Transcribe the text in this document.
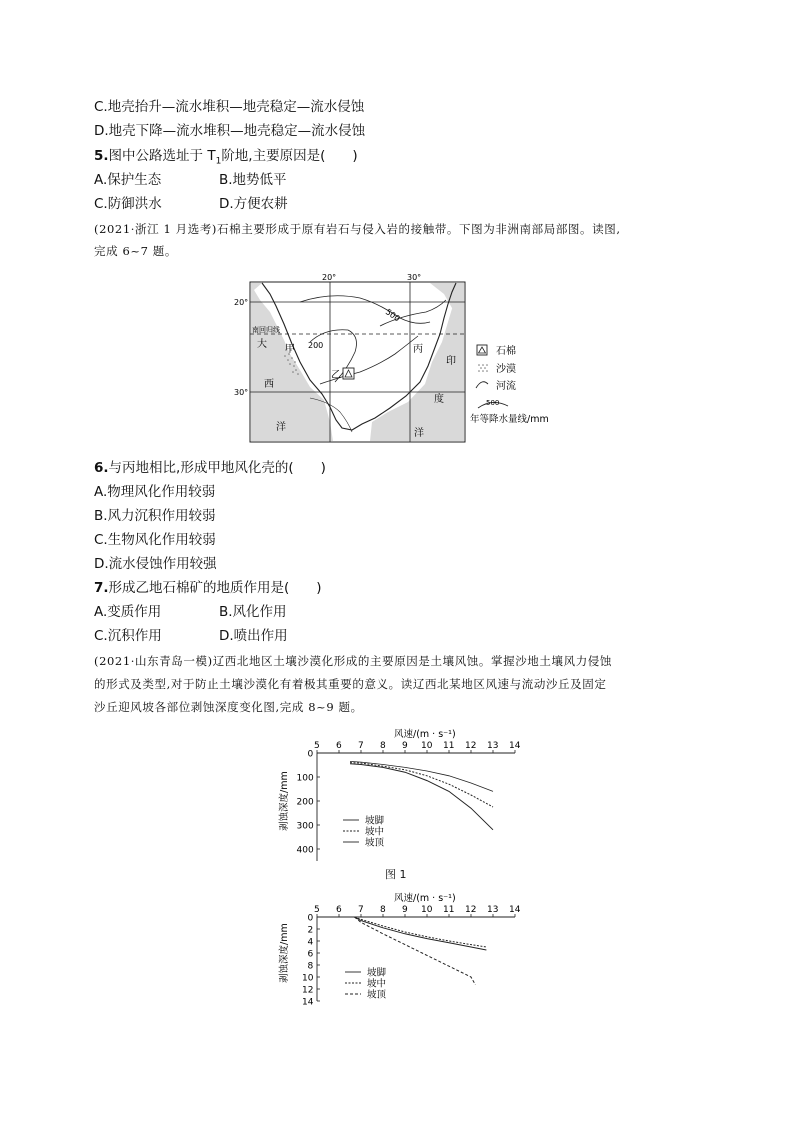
C.地壳抬升—流水堆积—地壳稳定—流水侵蚀
D.地壳下降—流水堆积—地壳稳定—流水侵蚀
5.图中公路选址于 $T_1$阶地,主要原因是(　　)
A.保护生态	B.地势低平
C.防御洪水	D.方便农耕
(2021·浙江 1 月选考)石棉主要形成于原有岩石与侵入岩的接触带。下图为非洲南部局部图。读图,
完成 6~7 题。
20°	30°
20°
30°
南回归线
甲
乙
丙
大
西
洋
印
度
洋
500
200
石棉
沙漠
河流
500
年等降水量线/mm
6.与丙地相比,形成甲地风化壳的(　　)
A.物理风化作用较弱
B.风力沉积作用较弱
C.生物风化作用较弱
D.流水侵蚀作用较强
7.形成乙地石棉矿的地质作用是(　　)
A.变质作用	B.风化作用
C.沉积作用	D.喷出作用
(2021·山东青岛一模)辽西北地区土壤沙漠化形成的主要原因是土壤风蚀。掌握沙地土壤风力侵蚀
的形式及类型,对于防止土壤沙漠化有着极其重要的意义。读辽西北某地区风速与流动沙丘及固定
沙丘迎风坡各部位剥蚀深度变化图,完成 8~9 题。
风速/(m · s⁻¹)
剥蚀深度/mm
5 6 7 8 9 10 11 12 13 14
0
100
200
300
400
坡脚
坡中
坡顶
图 1
风速/(m · s⁻¹)
剥蚀深度/mm
5 6 7 8 9 10 11 12 13 14
0
2
4
6
8
10
12
14
坡脚
坡中
坡顶
